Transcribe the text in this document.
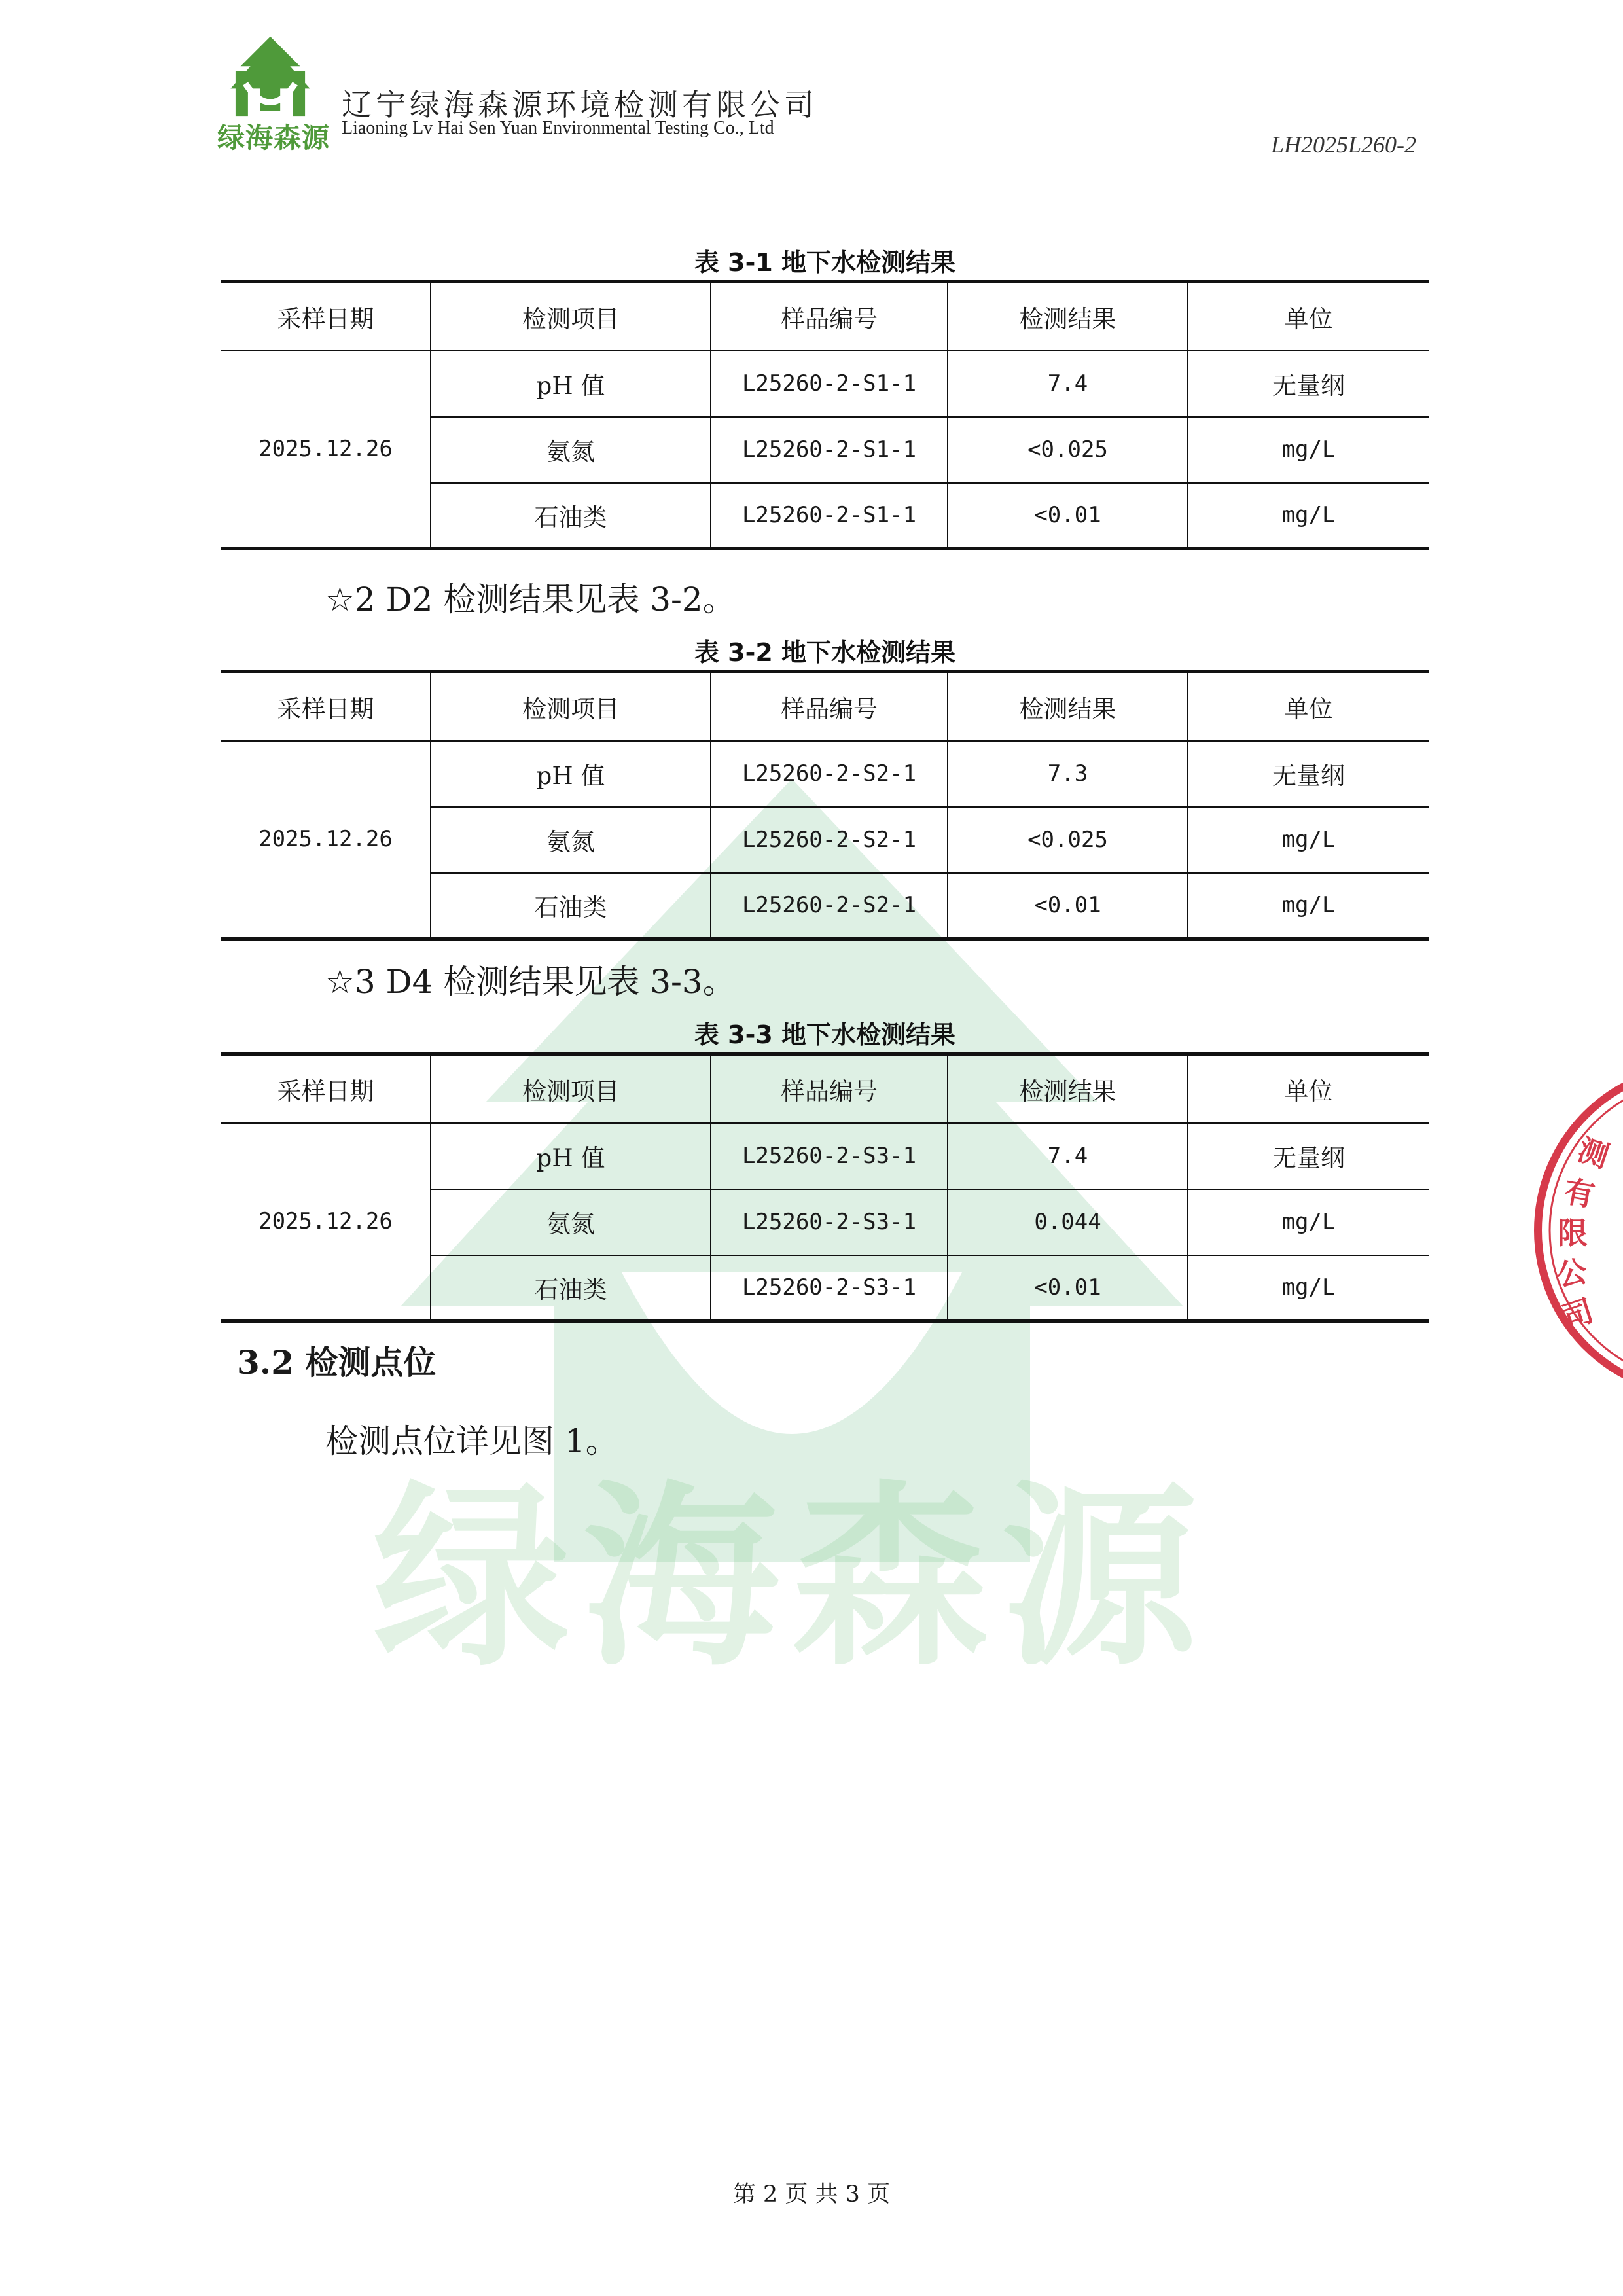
绿海森源
绿海森源
辽宁绿海森源环境检测有限公司
Liaoning Lv Hai Sen Yuan Environmental Testing Co., Ltd
LH2025L260-2
表 3-1 地下水检测结果
采样日期	检测项目	样品编号	检测结果	单位
2025.12.26	pH 值	L25260-2-S1-1	7.4	无量纲
	氨氮	L25260-2-S1-1	<0.025	mg/L
	石油类	L25260-2-S1-1	<0.01	mg/L
☆2 D2 检测结果见表 3-2。
表 3-2 地下水检测结果
采样日期	检测项目	样品编号	检测结果	单位
2025.12.26	pH 值	L25260-2-S2-1	7.3	无量纲
	氨氮	L25260-2-S2-1	<0.025	mg/L
	石油类	L25260-2-S2-1	<0.01	mg/L
☆3 D4 检测结果见表 3-3。
表 3-3 地下水检测结果
采样日期	检测项目	样品编号	检测结果	单位
2025.12.26	pH 值	L25260-2-S3-1	7.4	无量纲
	氨氮	L25260-2-S3-1	0.044	mg/L
	石油类	L25260-2-S3-1	<0.01	mg/L
3.2 检测点位
检测点位详见图 1。
测
有
限
公
司
第 2 页 共 3 页
